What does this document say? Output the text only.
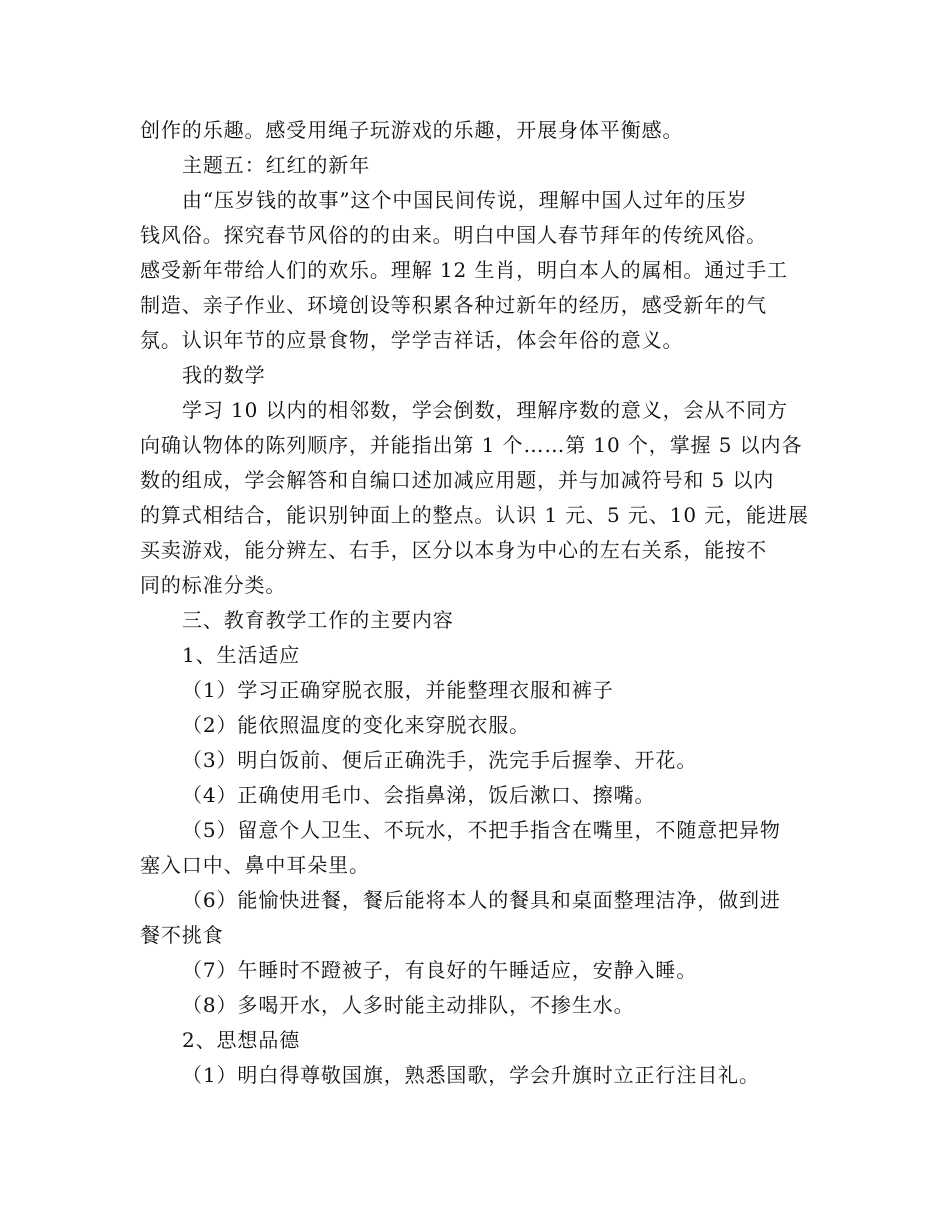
创作的乐趣。感受用绳子玩游戏的乐趣，开展身体平衡感。
主题五：红红的新年
由“压岁钱的故事”这个中国民间传说，理解中国人过年的压岁
钱风俗。探究春节风俗的的由来。明白中国人春节拜年的传统风俗。
感受新年带给人们的欢乐。理解 12 生肖，明白本人的属相。通过手工
制造、亲子作业、环境创设等积累各种过新年的经历，感受新年的气
氛。认识年节的应景食物，学学吉祥话，体会年俗的意义。
我的数学
学习 10 以内的相邻数，学会倒数，理解序数的意义，会从不同方
向确认物体的陈列顺序，并能指出第 1 个……第 10 个，掌握 5 以内各
数的组成，学会解答和自编口述加减应用题，并与加减符号和 5 以内
的算式相结合，能识别钟面上的整点。认识 1 元、5 元、10 元，能进展
买卖游戏，能分辨左、右手，区分以本身为中心的左右关系，能按不
同的标准分类。
三、教育教学工作的主要内容
1、生活适应
（1）学习正确穿脱衣服，并能整理衣服和裤子
（2）能依照温度的变化来穿脱衣服。
（3）明白饭前、便后正确洗手，洗完手后握拳、开花。
（4）正确使用毛巾、会指鼻涕，饭后漱口、擦嘴。
（5）留意个人卫生、不玩水，不把手指含在嘴里，不随意把异物
塞入口中、鼻中耳朵里。
（6）能愉快进餐，餐后能将本人的餐具和桌面整理洁净，做到进
餐不挑食
（7）午睡时不蹬被子，有良好的午睡适应，安静入睡。
（8）多喝开水，人多时能主动排队，不掺生水。
2、思想品德
（1）明白得尊敬国旗，熟悉国歌，学会升旗时立正行注目礼。
